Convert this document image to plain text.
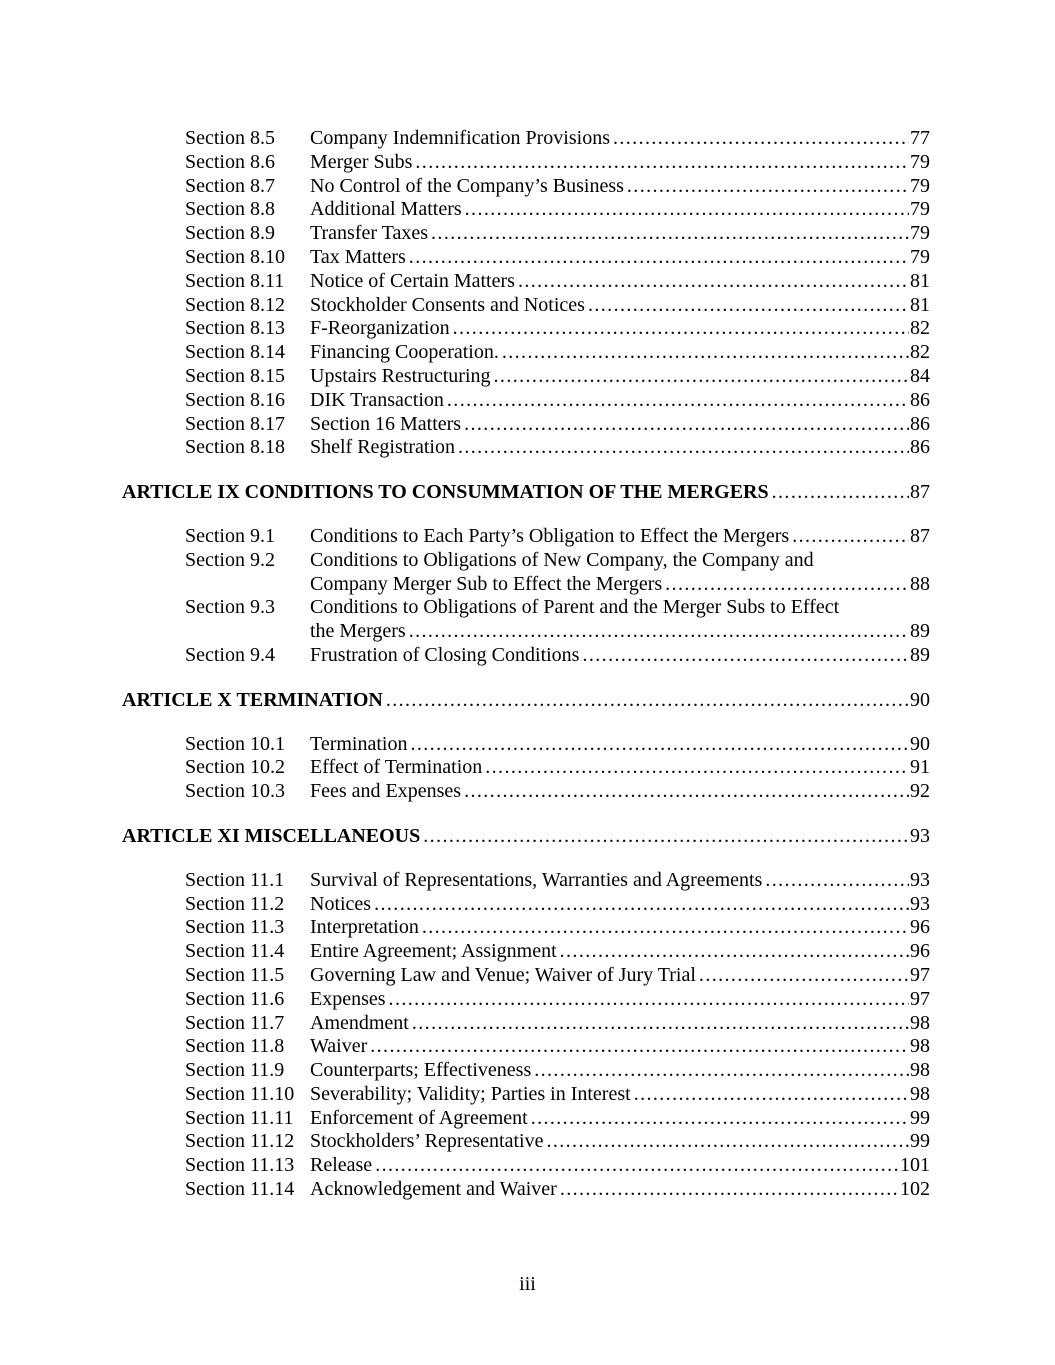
Section 8.5	Company Indemnification Provisions .....	77
Section 8.6	Merger Subs .....	79
Section 8.7	No Control of the Company’s Business .....	79
Section 8.8	Additional Matters .....	79
Section 8.9	Transfer Taxes .....	79
Section 8.10	Tax Matters .....	79
Section 8.11	Notice of Certain Matters .....	81
Section 8.12	Stockholder Consents and Notices .....	81
Section 8.13	F-Reorganization .....	82
Section 8.14	Financing Cooperation. .....	82
Section 8.15	Upstairs Restructuring .....	84
Section 8.16	DIK Transaction .....	86
Section 8.17	Section 16 Matters .....	86
Section 8.18	Shelf Registration .....	86
ARTICLE IX CONDITIONS TO CONSUMMATION OF THE MERGERS .....	87
Section 9.1	Conditions to Each Party’s Obligation to Effect the Mergers .....	87
Section 9.2	Conditions to Obligations of New Company, the Company and
Company Merger Sub to Effect the Mergers .....	88
Section 9.3	Conditions to Obligations of Parent and the Merger Subs to Effect
the Mergers .....	89
Section 9.4	Frustration of Closing Conditions .....	89
ARTICLE X TERMINATION .....	90
Section 10.1	Termination .....	90
Section 10.2	Effect of Termination .....	91
Section 10.3	Fees and Expenses .....	92
ARTICLE XI MISCELLANEOUS .....	93
Section 11.1	Survival of Representations, Warranties and Agreements .....	93
Section 11.2	Notices .....	93
Section 11.3	Interpretation .....	96
Section 11.4	Entire Agreement; Assignment .....	96
Section 11.5	Governing Law and Venue; Waiver of Jury Trial .....	97
Section 11.6	Expenses .....	97
Section 11.7	Amendment .....	98
Section 11.8	Waiver .....	98
Section 11.9	Counterparts; Effectiveness .....	98
Section 11.10 Severability; Validity; Parties in Interest .....	98
Section 11.11 Enforcement of Agreement .....	99
Section 11.12 Stockholders’ Representative .....	99
Section 11.13 Release .....	101
Section 11.14 Acknowledgement and Waiver .....	102
iii
